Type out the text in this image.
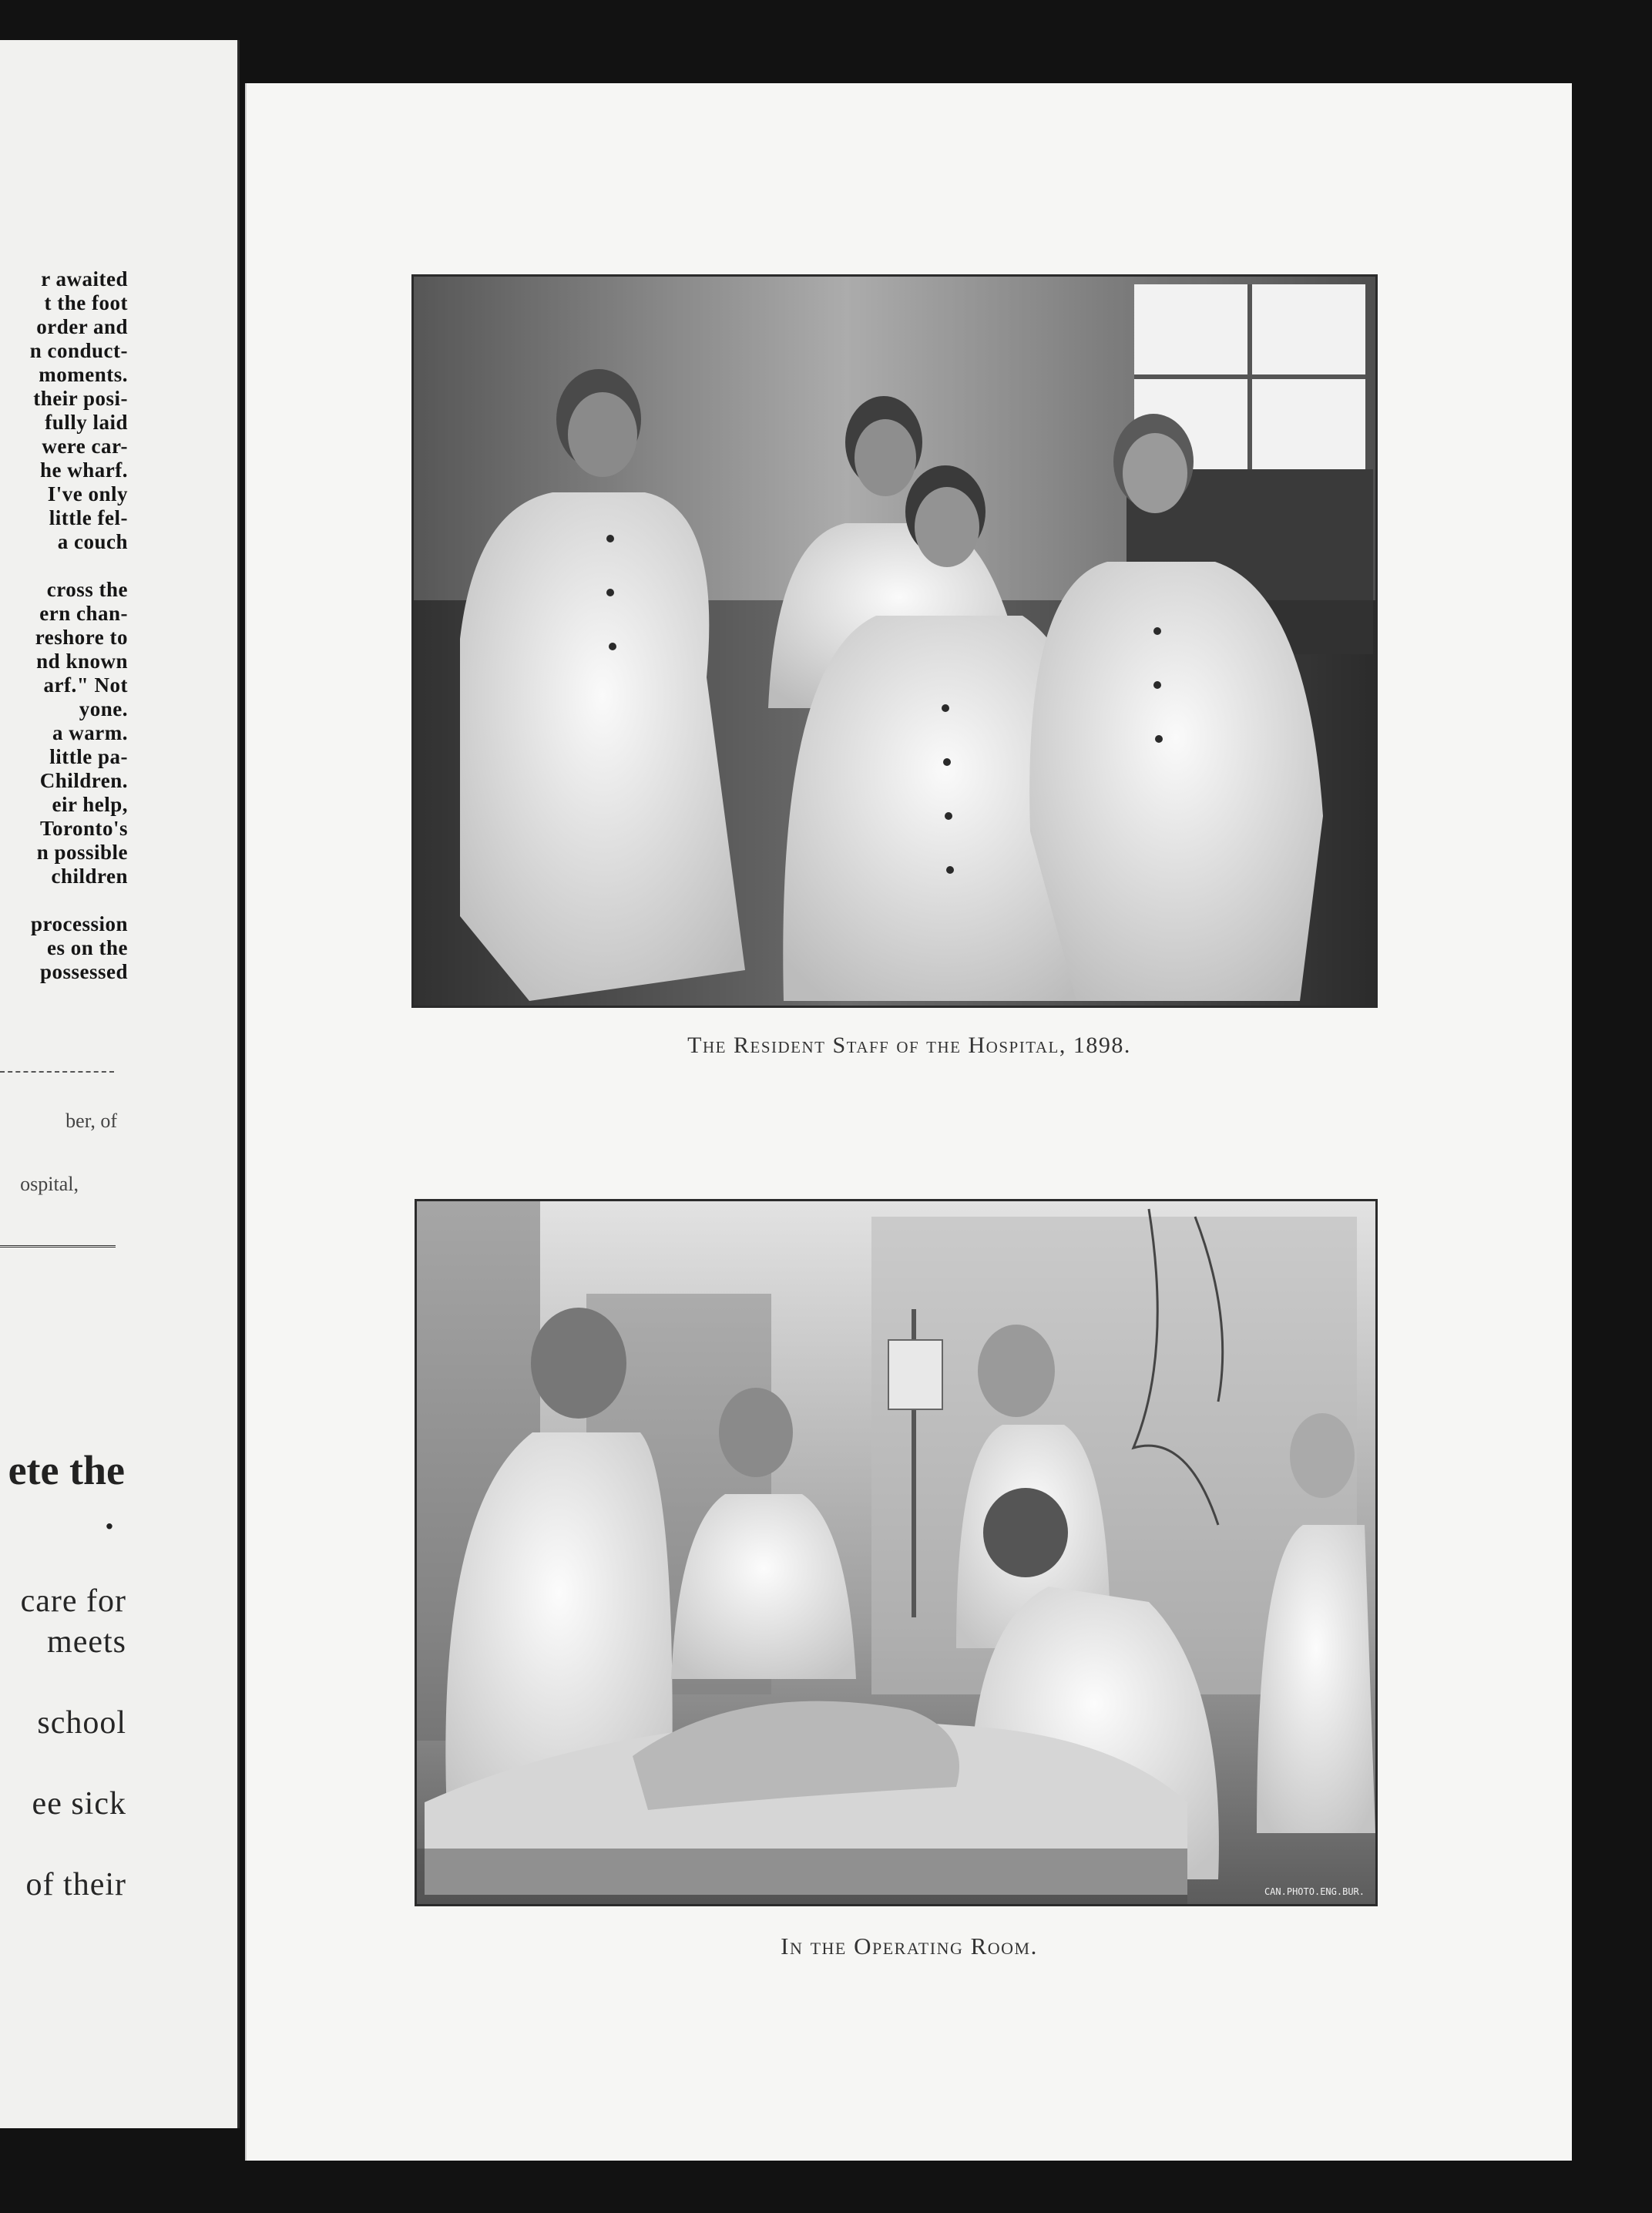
r awaited
t the foot
order and
n conduct-
moments.
their posi-
fully laid
were car-
he wharf.
I've only
little fel-
a couch
cross the
ern chan-
reshore to
nd known
arf." Not
yone.
a warm.
little pa-
Children.
eir help,
Toronto's
n possible
children
procession
es on the
possessed
ber, of
ospital,
ete the
.
care for
meets
school
ee sick
of their
The Resident Staff of the Hospital, 1898.
CAN.PHOTO.ENG.BUR.
In the Operating Room.
